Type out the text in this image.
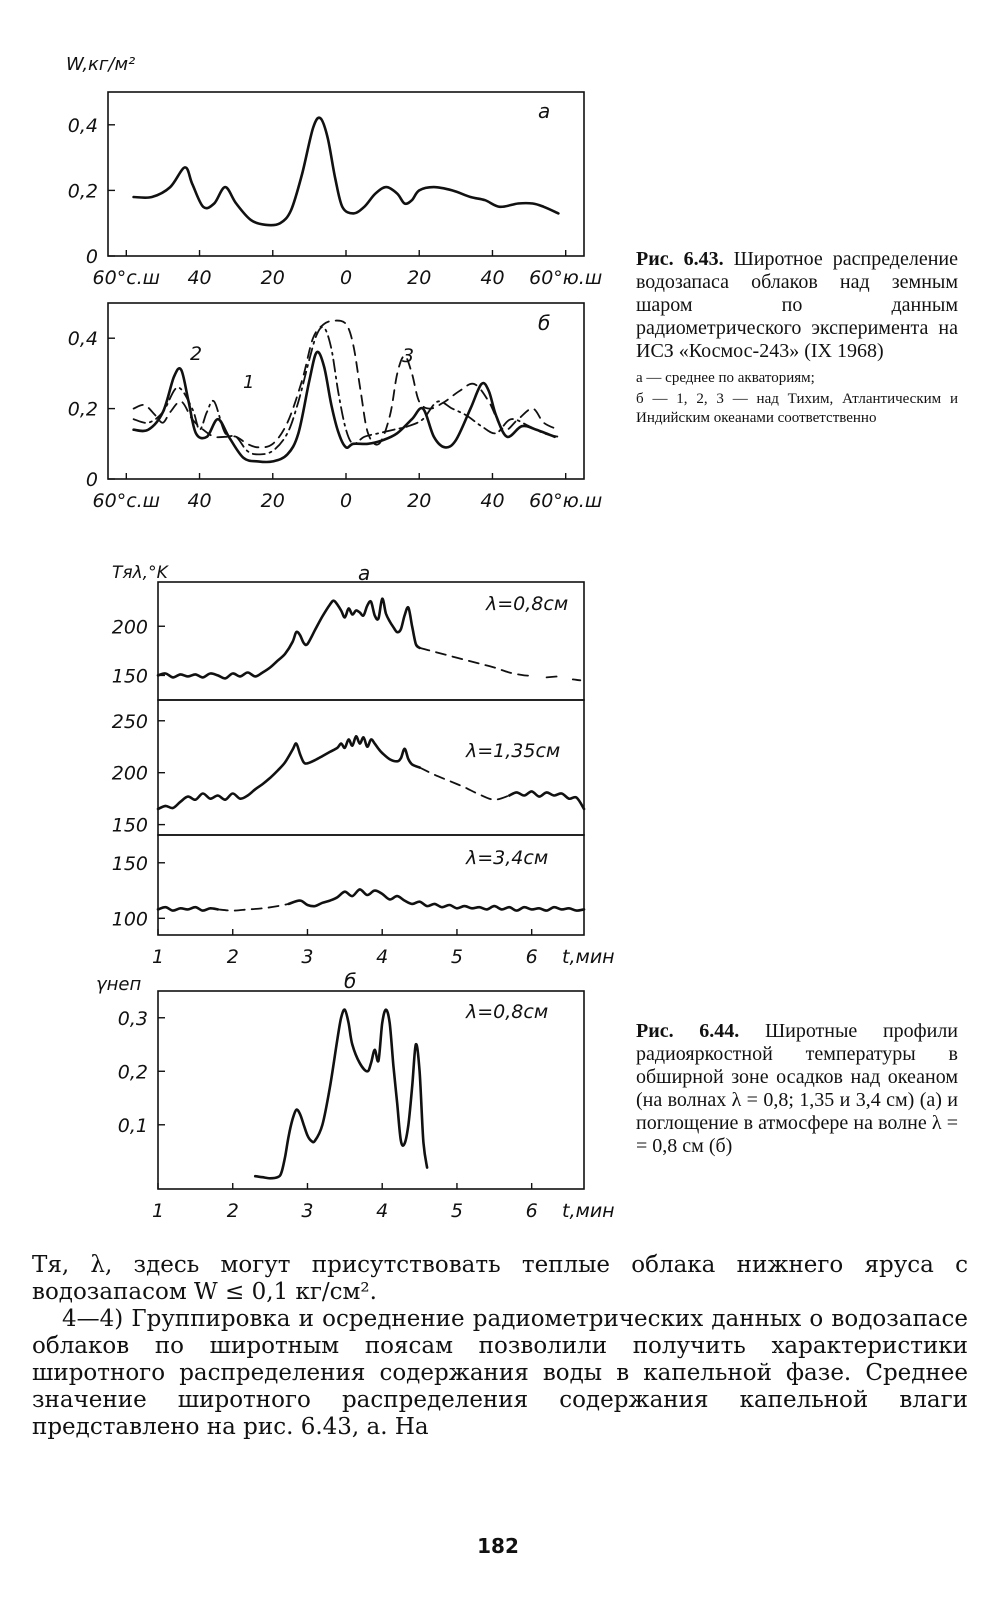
W,кг/м²
0
0,2
0,4
60°с.ш 40	20	0	20	40 60°ю.ш
а
0
0,2
0,4
60°с.ш 40	20	0	20	40 60°ю.ш
б
2
1
3
Tяλ,°K	а
150
200
λ=0,8см
150
200
250
λ=1,35см
100
150
1	2	3	4	5	6 t,мин
λ=3,4см
γнеп	б
0,1
0,2
0,3
1	2	3	4	5	6 t,мин
λ=0,8см
Рис. 6.43. Широтное распределение водозапаса облаков над земным шаром по данным радиометрического эксперимента на ИСЗ «Космос-243» (IX 1968)
а — среднее по акваториям;
б — 1, 2, 3 — над Тихим, Атлантическим и Индийским океанами соответственно
Рис. 6.44. Широтные профили радиояркостной температуры в обширной зоне осадков над океаном (на волнах λ = 0,8; 1,35 и 3,4 см) (а) и поглощение в атмосфере на волне λ = = 0,8 см (б)

Tя, λ, здесь могут присутствовать теплые облака нижнего яруса с водозапасом W ≤ 0,1 кг/см².

4—4) Группировка и осреднение радиометрических данных о водозапасе облаков по широтным поясам позволили получить характеристики широтного распределения содержания воды в капельной фазе. Среднее значение широтного распределения содержания капельной влаги представлено на рис. 6.43, а. На

182
